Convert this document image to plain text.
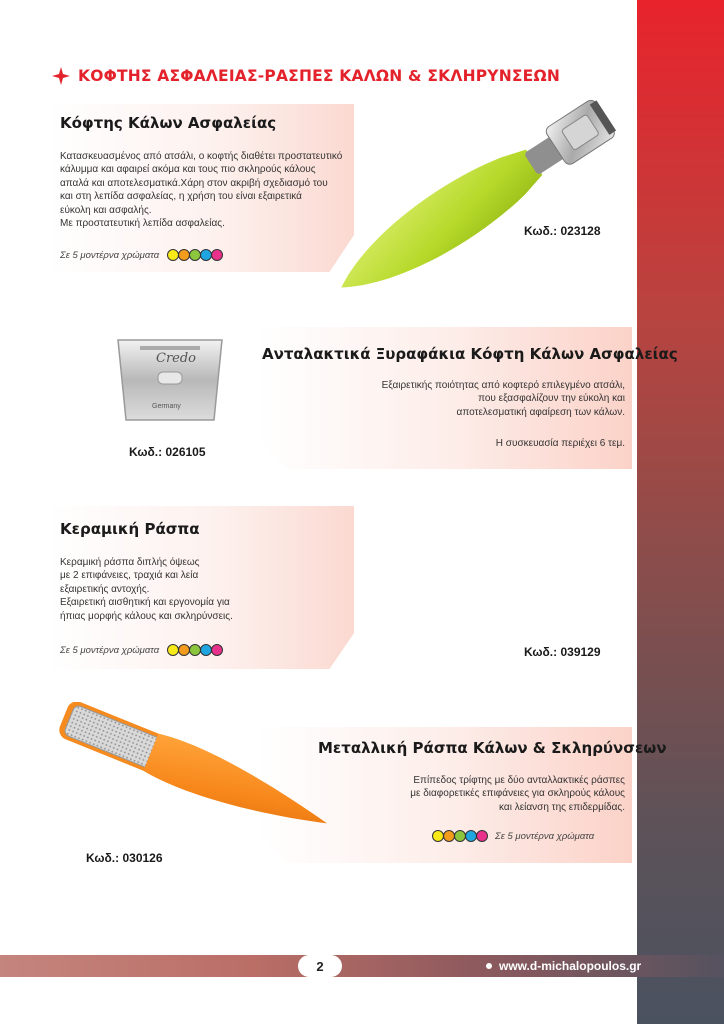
ΚΟΦΤΗΣ ΑΣΦΑΛΕΙΑΣ-ΡΑΣΠΕΣ ΚΑΛΩΝ & ΣΚΛΗΡΥΝΣΕΩΝ
Κόφτης Κάλων Ασφαλείας
Κατασκευασμένος από ατσάλι, ο κοφτής διαθέτει προστατευτικό
κάλυμμα και αφαιρεί ακόμα και τους πιο σκληρούς κάλους
απαλά και αποτελεσματικά.Χάρη στον ακριβή σχεδιασμό του
και στη λεπίδα ασφαλείας, η χρήση του είναι εξαιρετικά
εύκολη και ασφαλής.
Με προστατευτική λεπίδα ασφαλείας.
Σε 5 μοντέρνα χρώματα
Κωδ.: 023128
Credo
Germany
Ανταλακτικά Ξυραφάκια Κόφτη Κάλων Ασφαλείας
Εξαιρετικής ποιότητας από κοφτερό επιλεγμένο ατσάλι,
που εξασφαλίζουν την εύκολη και
αποτελεσματική αφαίρεση των κάλων.
Η συσκευασία περιέχει 6 τεμ.
Κωδ.: 026105
Κεραμική Ράσπα
Κεραμική ράσπα διπλής όψεως
με 2 επιφάνειες, τραχιά και λεία
εξαιρετικής αντοχής.
Εξαιρετική αισθητική και εργονομία για
ήπιας μορφής κάλους και σκληρύνσεις.
Σε 5 μοντέρνα χρώματα	Κωδ.: 039129
Μεταλλική Ράσπα Κάλων & Σκληρύνσεων
Επίπεδος τρίφτης με δύο ανταλλακτικές ράσπες
με διαφορετικές επιφάνειες για σκληρούς κάλους
και λείανση της επιδερμίδας.
Σε 5 μοντέρνα χρώματα
Κωδ.: 030126
2	www.d-michalopoulos.gr
